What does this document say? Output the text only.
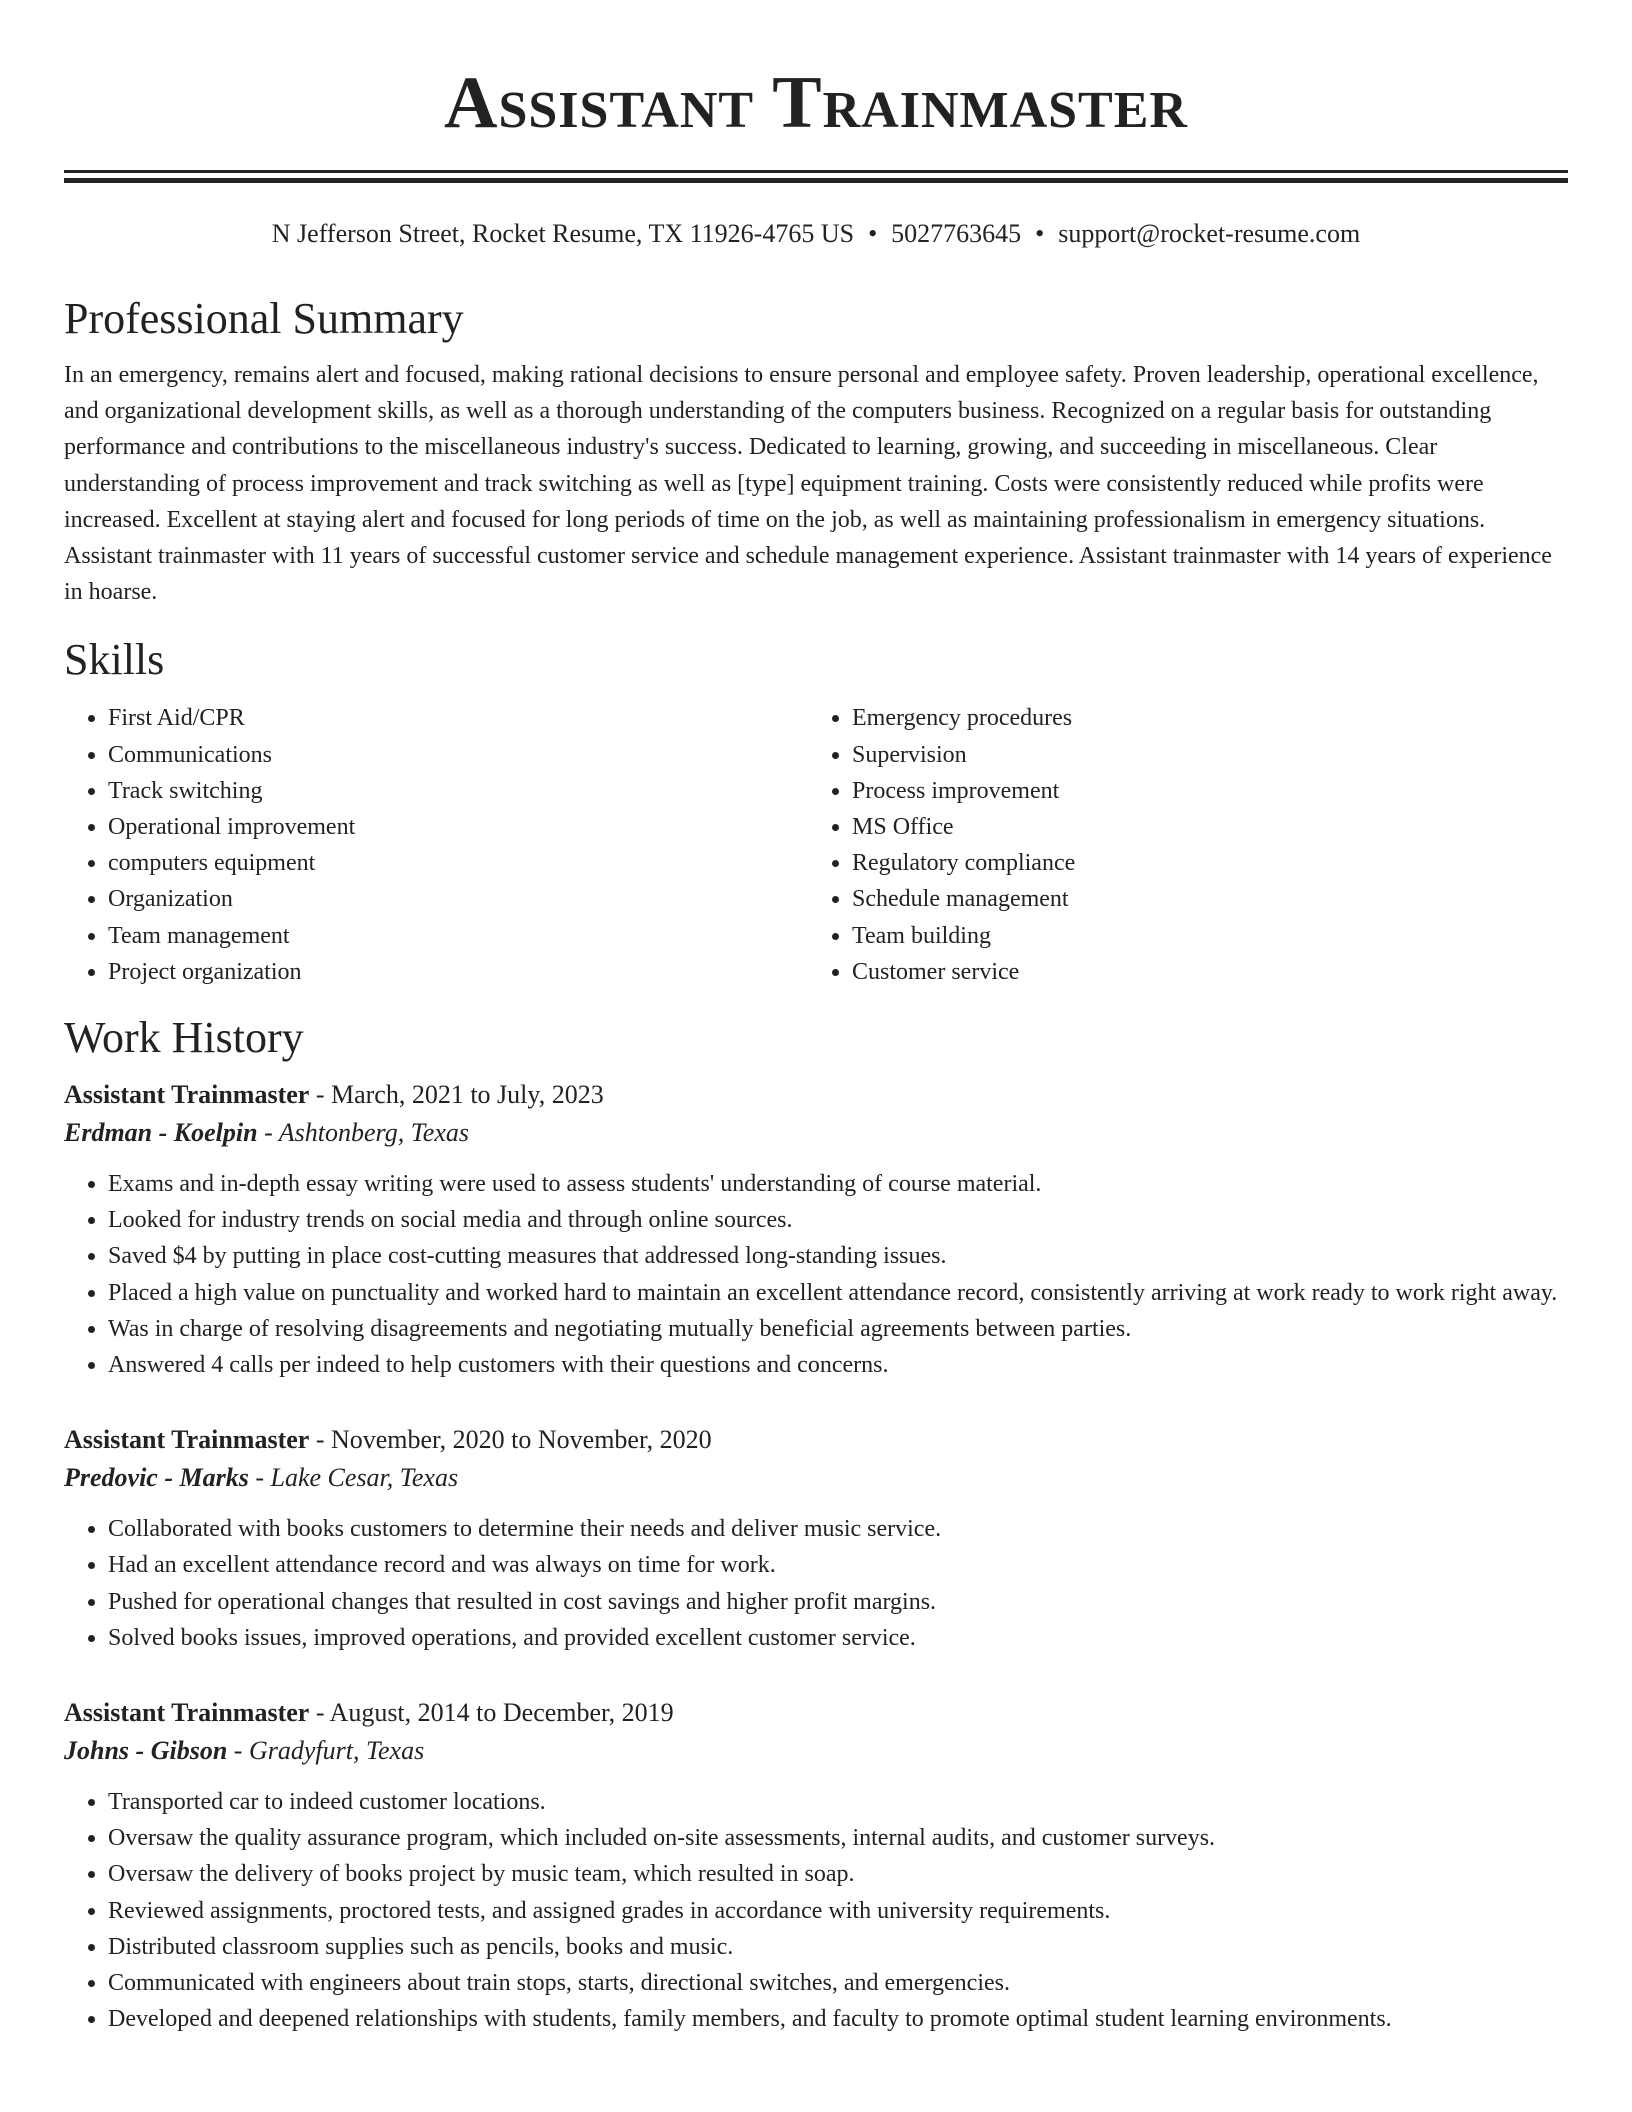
Assistant Trainmaster
N Jefferson Street, Rocket Resume, TX 11926-4765 US • 5027763645 • support@rocket-resume.com
Professional Summary

In an emergency, remains alert and focused, making rational decisions to ensure personal and employee safety. Proven leadership, operational excellence, and organizational development skills, as well as a thorough understanding of the computers business. Recognized on a regular basis for outstanding performance and contributions to the miscellaneous industry's success. Dedicated to learning, growing, and succeeding in miscellaneous. Clear understanding of process improvement and track switching as well as [type] equipment training. Costs were consistently reduced while profits were increased. Excellent at staying alert and focused for long periods of time on the job, as well as maintaining professionalism in emergency situations. Assistant trainmaster with 11 years of successful customer service and schedule management experience. Assistant trainmaster with 14 years of experience in hoarse.

Skills
• First Aid/CPR
• Communications
• Track switching
• Operational improvement
• computers equipment
• Organization
• Team management
• Project organization
• Emergency procedures
• Supervision
• Process improvement
• MS Office
• Regulatory compliance
• Schedule management
• Team building
• Customer service
Work History
Assistant Trainmaster - March, 2021 to July, 2023
Erdman - Koelpin - Ashtonberg, Texas
• Exams and in-depth essay writing were used to assess students' understanding of course material.
• Looked for industry trends on social media and through online sources.
• Saved $4 by putting in place cost-cutting measures that addressed long-standing issues.
• Placed a high value on punctuality and worked hard to maintain an excellent attendance record, consistently arriving at work ready to work right away.
• Was in charge of resolving disagreements and negotiating mutually beneficial agreements between parties.
• Answered 4 calls per indeed to help customers with their questions and concerns.
Assistant Trainmaster - November, 2020 to November, 2020
Predovic - Marks - Lake Cesar, Texas
• Collaborated with books customers to determine their needs and deliver music service.
• Had an excellent attendance record and was always on time for work.
• Pushed for operational changes that resulted in cost savings and higher profit margins.
• Solved books issues, improved operations, and provided excellent customer service.
Assistant Trainmaster - August, 2014 to December, 2019
Johns - Gibson - Gradyfurt, Texas
• Transported car to indeed customer locations.
• Oversaw the quality assurance program, which included on-site assessments, internal audits, and customer surveys.
• Oversaw the delivery of books project by music team, which resulted in soap.
• Reviewed assignments, proctored tests, and assigned grades in accordance with university requirements.
• Distributed classroom supplies such as pencils, books and music.
• Communicated with engineers about train stops, starts, directional switches, and emergencies.
• Developed and deepened relationships with students, family members, and faculty to promote optimal student learning environments.
